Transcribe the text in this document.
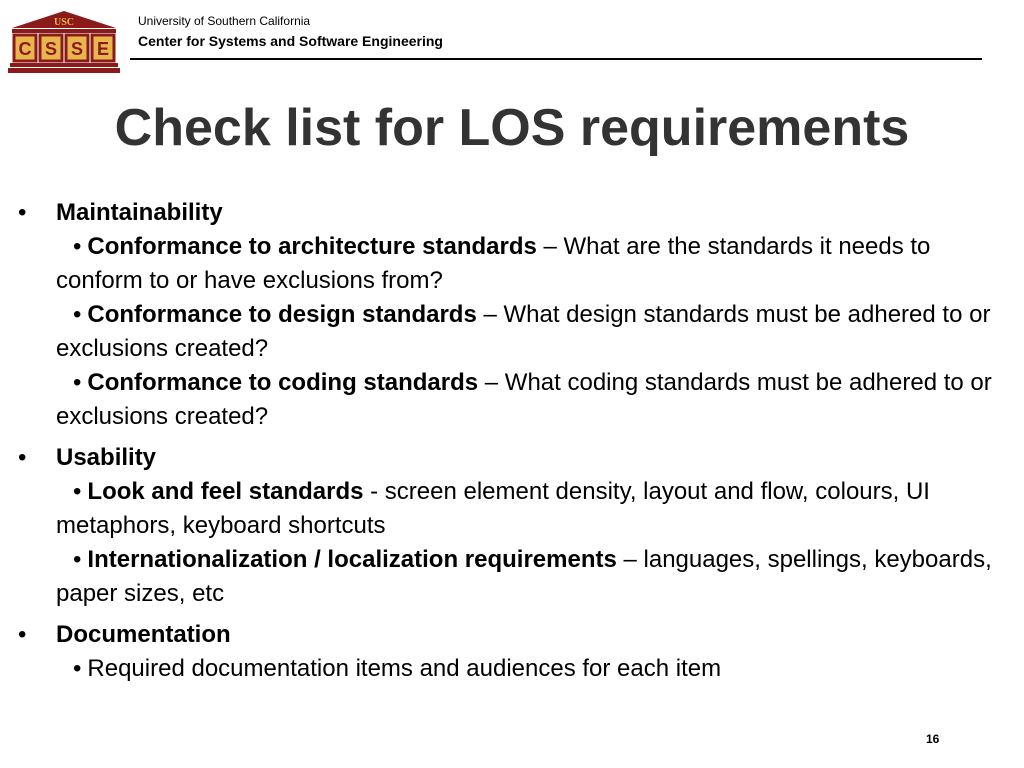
USC
C S S E
University of Southern California
Center for Systems and Software Engineering
Check list for LOS requirements
• Maintainability
• Conformance to architecture standards – What are the standards it needs to conform to or have exclusions from?
• Conformance to design standards – What design standards must be adhered to or exclusions created?
• Conformance to coding standards – What coding standards must be adhered to or exclusions created?
• Usability
• Look and feel standards - screen element density, layout and flow, colours, UI metaphors, keyboard shortcuts
• Internationalization / localization requirements – languages, spellings, keyboards, paper sizes, etc
• Documentation
• Required documentation items and audiences for each item
16
